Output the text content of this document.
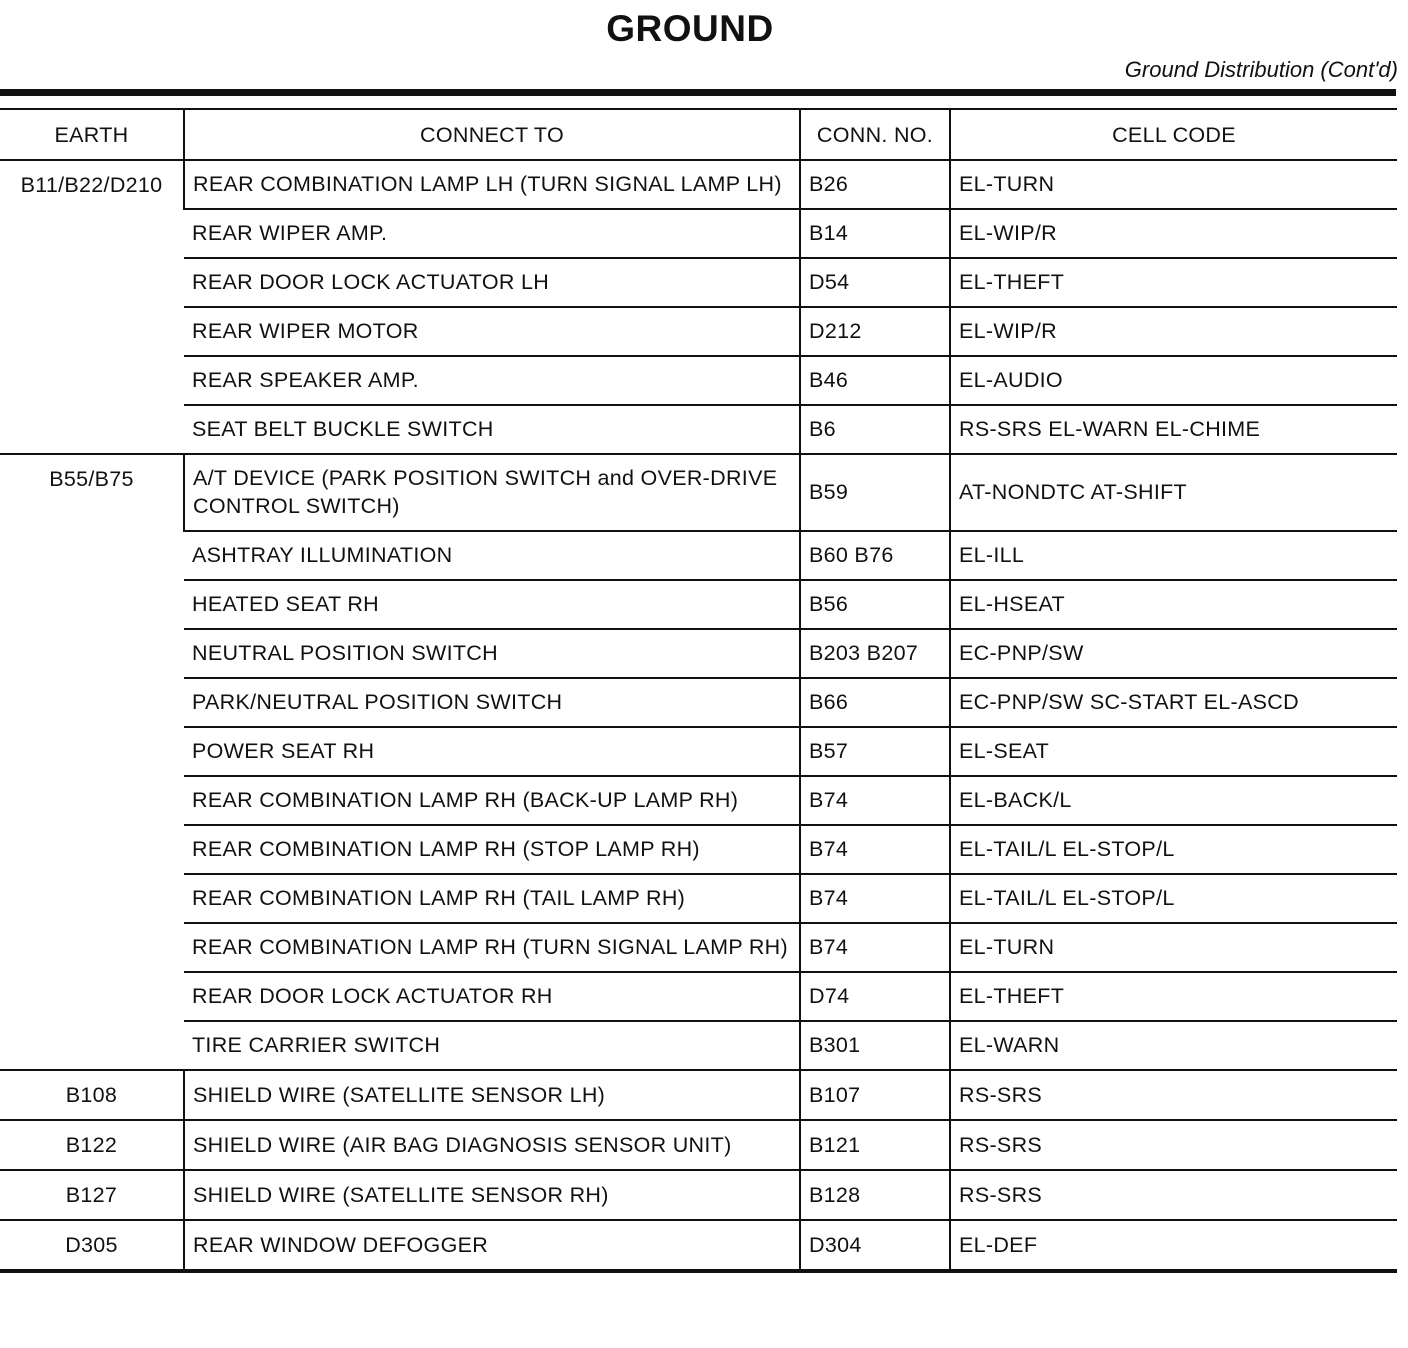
GROUND
Ground Distribution (Cont'd)
EARTH	CONNECT TO	CONN. NO.	CELL CODE
B11/B22/D210	REAR COMBINATION LAMP LH (TURN SIGNAL LAMP LH)	B26	EL-TURN
	REAR WIPER AMP.	B14	EL-WIP/R
	REAR DOOR LOCK ACTUATOR LH	D54	EL-THEFT
	REAR WIPER MOTOR	D212	EL-WIP/R
	REAR SPEAKER AMP.	B46	EL-AUDIO
	SEAT BELT BUCKLE SWITCH	B6	RS-SRS EL-WARN EL-CHIME
B55/B75	A/T DEVICE (PARK POSITION SWITCH and OVER-DRIVE CONTROL SWITCH)	B59	AT-NONDTC AT-SHIFT
	ASHTRAY ILLUMINATION	B60 B76	EL-ILL
	HEATED SEAT RH	B56	EL-HSEAT
	NEUTRAL POSITION SWITCH	B203 B207	EC-PNP/SW
	PARK/NEUTRAL POSITION SWITCH	B66	EC-PNP/SW SC-START EL-ASCD
	POWER SEAT RH	B57	EL-SEAT
	REAR COMBINATION LAMP RH (BACK-UP LAMP RH)	B74	EL-BACK/L
	REAR COMBINATION LAMP RH (STOP LAMP RH)	B74	EL-TAIL/L EL-STOP/L
	REAR COMBINATION LAMP RH (TAIL LAMP RH)	B74	EL-TAIL/L EL-STOP/L
	REAR COMBINATION LAMP RH (TURN SIGNAL LAMP RH)	B74	EL-TURN
	REAR DOOR LOCK ACTUATOR RH	D74	EL-THEFT
	TIRE CARRIER SWITCH	B301	EL-WARN
B108	SHIELD WIRE (SATELLITE SENSOR LH)	B107	RS-SRS
B122	SHIELD WIRE (AIR BAG DIAGNOSIS SENSOR UNIT)	B121	RS-SRS
B127	SHIELD WIRE (SATELLITE SENSOR RH)	B128	RS-SRS
D305	REAR WINDOW DEFOGGER	D304	EL-DEF
